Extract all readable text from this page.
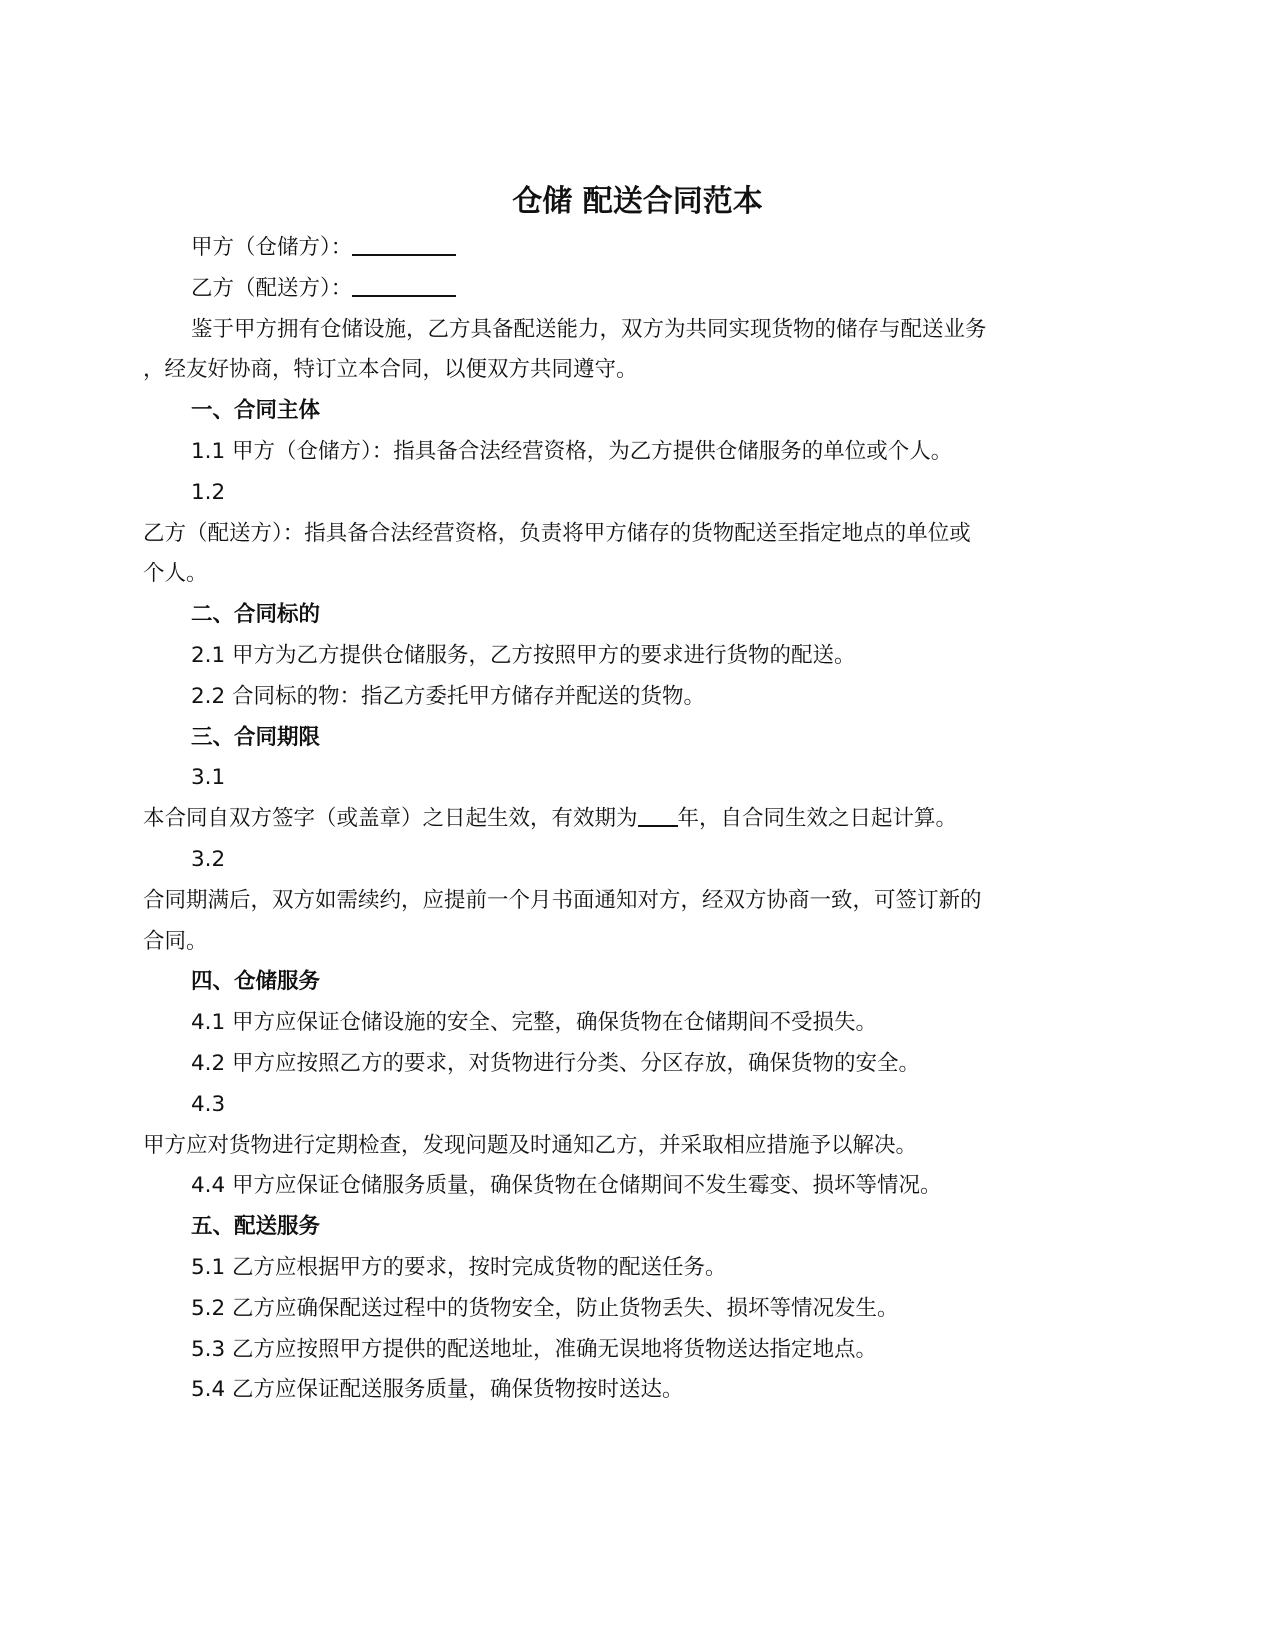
仓储 配送合同范本
甲方（仓储方）：
乙方（配送方）：
鉴于甲方拥有仓储设施，乙方具备配送能力，双方为共同实现货物的储存与配送业务
，经友好协商，特订立本合同，以便双方共同遵守。
一、合同主体
1.1 甲方（仓储方）：指具备合法经营资格，为乙方提供仓储服务的单位或个人。
1.2
乙方（配送方）：指具备合法经营资格，负责将甲方储存的货物配送至指定地点的单位或
个人。
二、合同标的
2.1 甲方为乙方提供仓储服务，乙方按照甲方的要求进行货物的配送。
2.2 合同标的物：指乙方委托甲方储存并配送的货物。
三、合同期限
3.1
本合同自双方签字（或盖章）之日起生效，有效期为 年，自合同生效之日起计算。
3.2
合同期满后，双方如需续约，应提前一个月书面通知对方，经双方协商一致，可签订新的
合同。
四、仓储服务
4.1 甲方应保证仓储设施的安全、完整，确保货物在仓储期间不受损失。
4.2 甲方应按照乙方的要求，对货物进行分类、分区存放，确保货物的安全。
4.3
甲方应对货物进行定期检查，发现问题及时通知乙方，并采取相应措施予以解决。
4.4 甲方应保证仓储服务质量，确保货物在仓储期间不发生霉变、损坏等情况。
五、配送服务
5.1 乙方应根据甲方的要求，按时完成货物的配送任务。
5.2 乙方应确保配送过程中的货物安全，防止货物丢失、损坏等情况发生。
5.3 乙方应按照甲方提供的配送地址，准确无误地将货物送达指定地点。
5.4 乙方应保证配送服务质量，确保货物按时送达。
